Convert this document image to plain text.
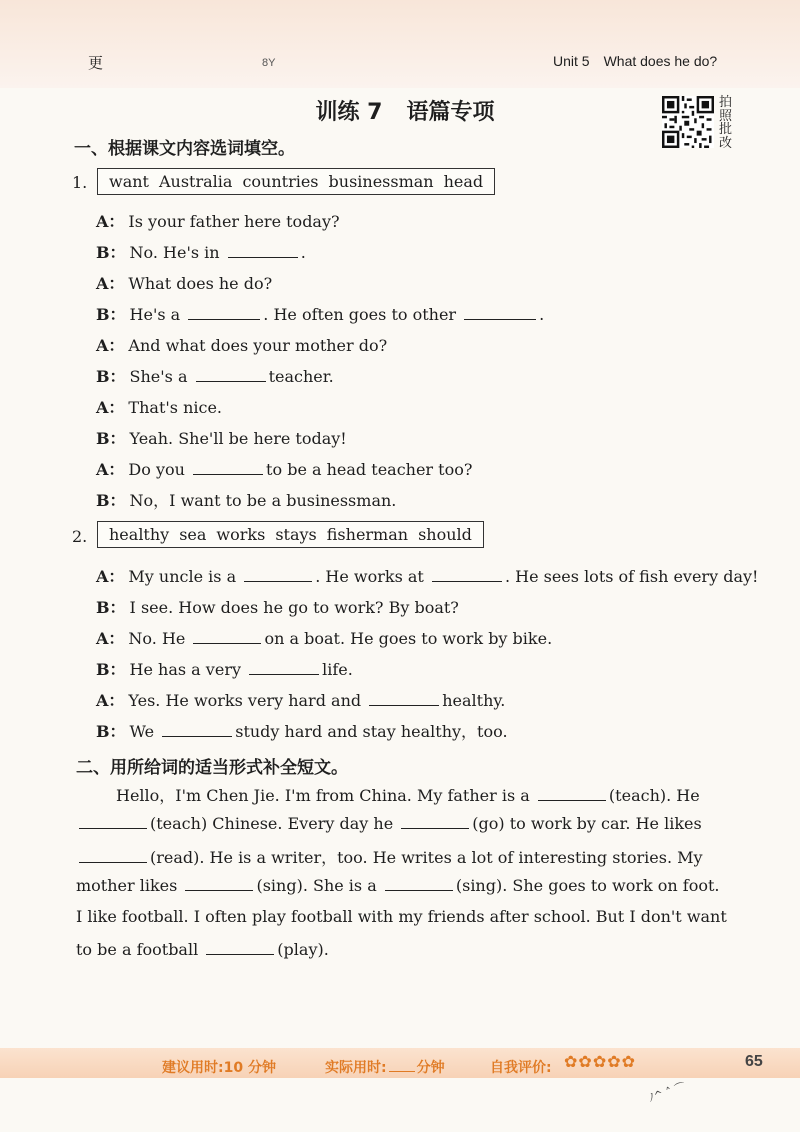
更	8Y	Unit 5 What does he do?
训练 7 语篇专项	拍
照
批
改
一、根据课文内容选词填空。
1. want Australia countries businessman head
A： Is your father here today?
B： No. He's in	.
A： What does he do?
B： He's a	. He often goes to other	.
A： And what does your mother do?
B： She's a	teacher.
A： That's nice.
B： Yeah. She'll be here today!
A： Do you	to be a head teacher too?
B： No，I want to be a businessman.
2. healthy sea works stays fisherman should
A： My uncle is a	. He works at	. He sees lots of fish every day!
B： I see. How does he go to work? By boat?
A： No. He	on a boat. He goes to work by bike.
B： He has a very	life.
A： Yes. He works very hard and	healthy.
B： We	study hard and stay healthy，too.
二、用所给词的适当形式补全短文。
Hello，I'm Chen Jie. I'm from China. My father is a	(teach). He
(teach) Chinese. Every day he	(go) to work by car. He likes
(read). He is a writer，too. He writes a lot of interesting stories. My
mother likes	(sing). She is a	(sing). She goes to work on foot.
I like football. I often play football with my friends after school. But I don't want
to be a football	(play).
建议用时:10 分钟	实际用时: 分钟	自我评价: ✿✿✿✿✿	65
ﾉ^ ˄ ⌒
